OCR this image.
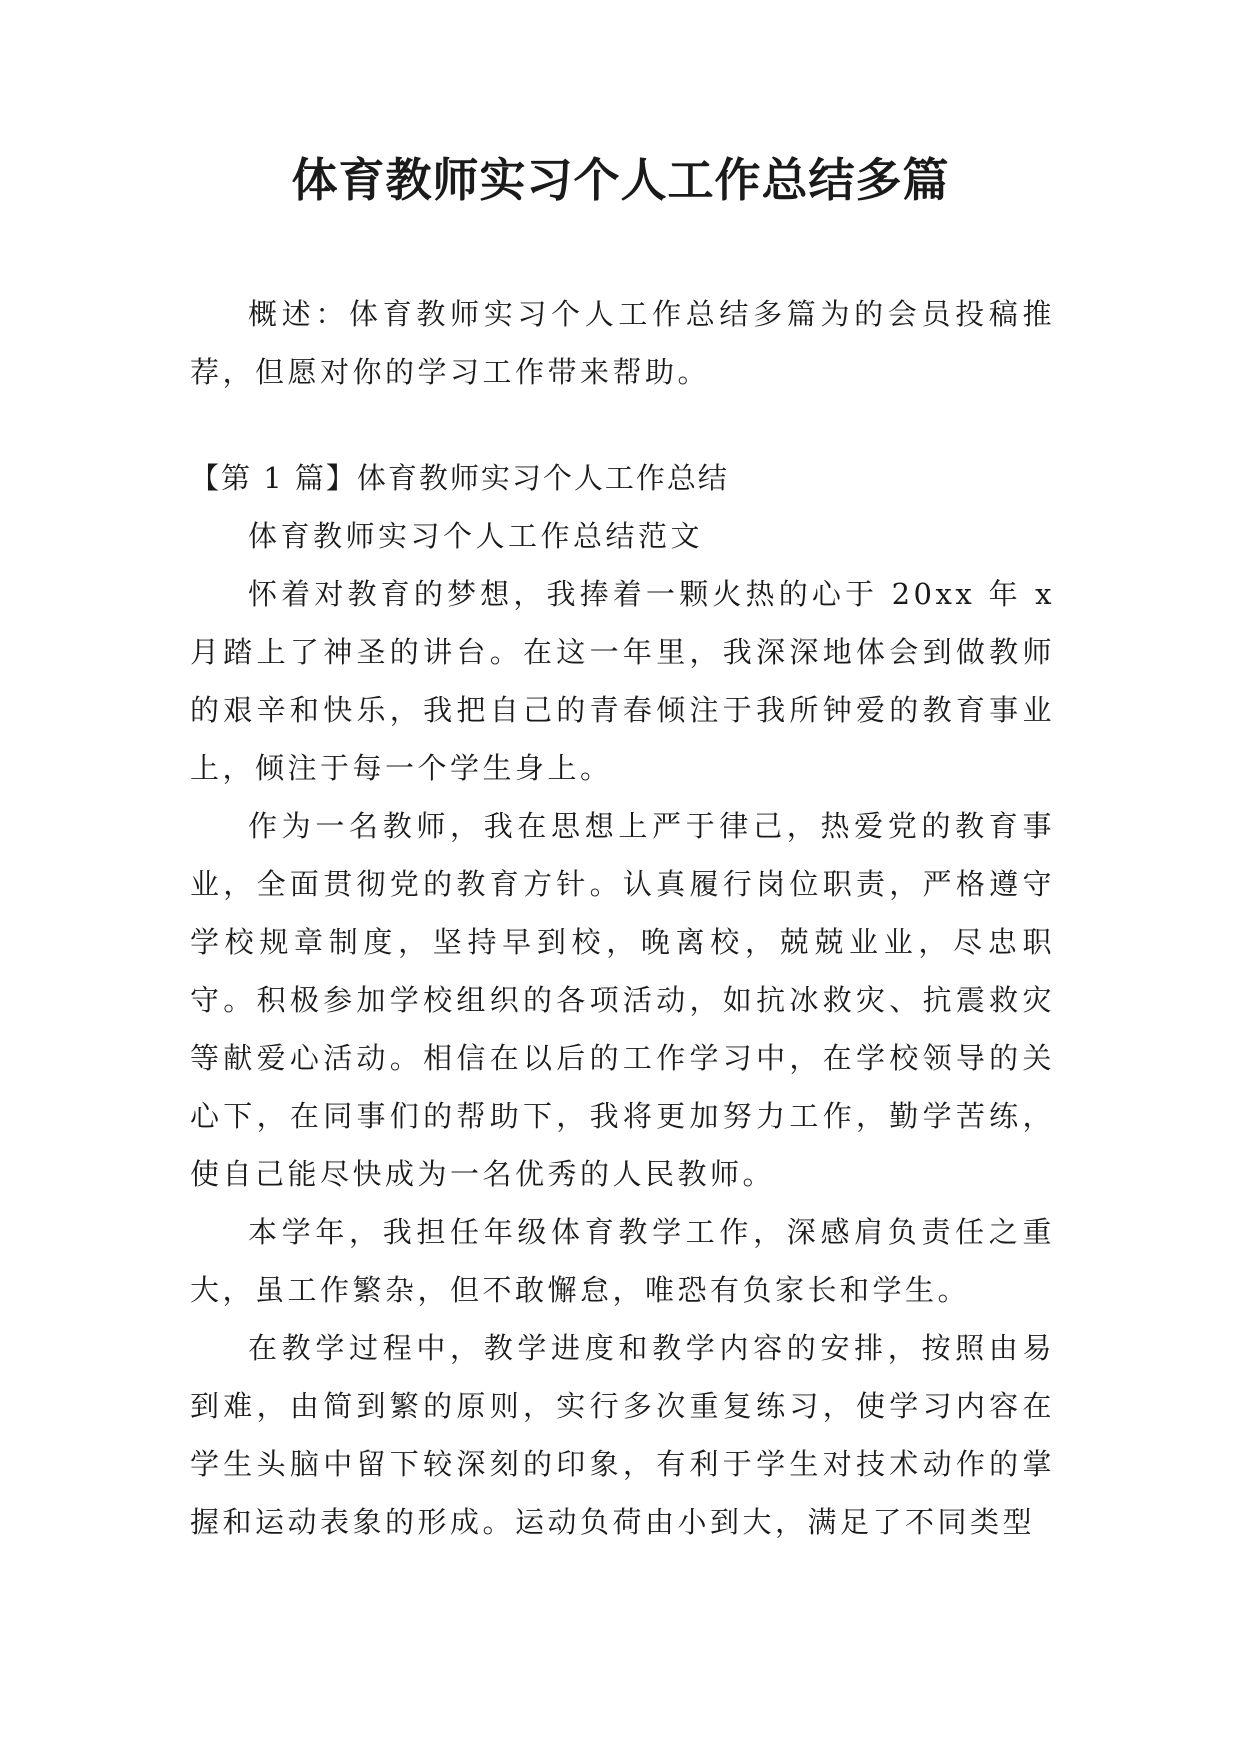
体育教师实习个人工作总结多篇

概述：体育教师实习个人工作总结多篇为的会员投稿推荐，但愿对你的学习工作带来帮助。

【第 1 篇】体育教师实习个人工作总结

体育教师实习个人工作总结范文

怀着对教育的梦想，我捧着一颗火热的心于 20xx 年 x 月踏上了神圣的讲台。在这一年里，我深深地体会到做教师的艰辛和快乐，我把自己的青春倾注于我所钟爱的教育事业上，倾注于每一个学生身上。

作为一名教师，我在思想上严于律己，热爱党的教育事业，全面贯彻党的教育方针。认真履行岗位职责，严格遵守学校规章制度，坚持早到校，晚离校，兢兢业业，尽忠职守。积极参加学校组织的各项活动，如抗冰救灾、抗震救灾等献爱心活动。相信在以后的工作学习中，在学校领导的关心下，在同事们的帮助下，我将更加努力工作，勤学苦练，使自己能尽快成为一名优秀的人民教师。

本学年，我担任年级体育教学工作，深感肩负责任之重大，虽工作繁杂，但不敢懈怠，唯恐有负家长和学生。

在教学过程中，教学进度和教学内容的安排，按照由易到难，由简到繁的原则，实行多次重复练习，使学习内容在学生头脑中留下较深刻的印象，有利于学生对技术动作的掌握和运动表象的形成。运动负荷由小到大，满足了不同类型
